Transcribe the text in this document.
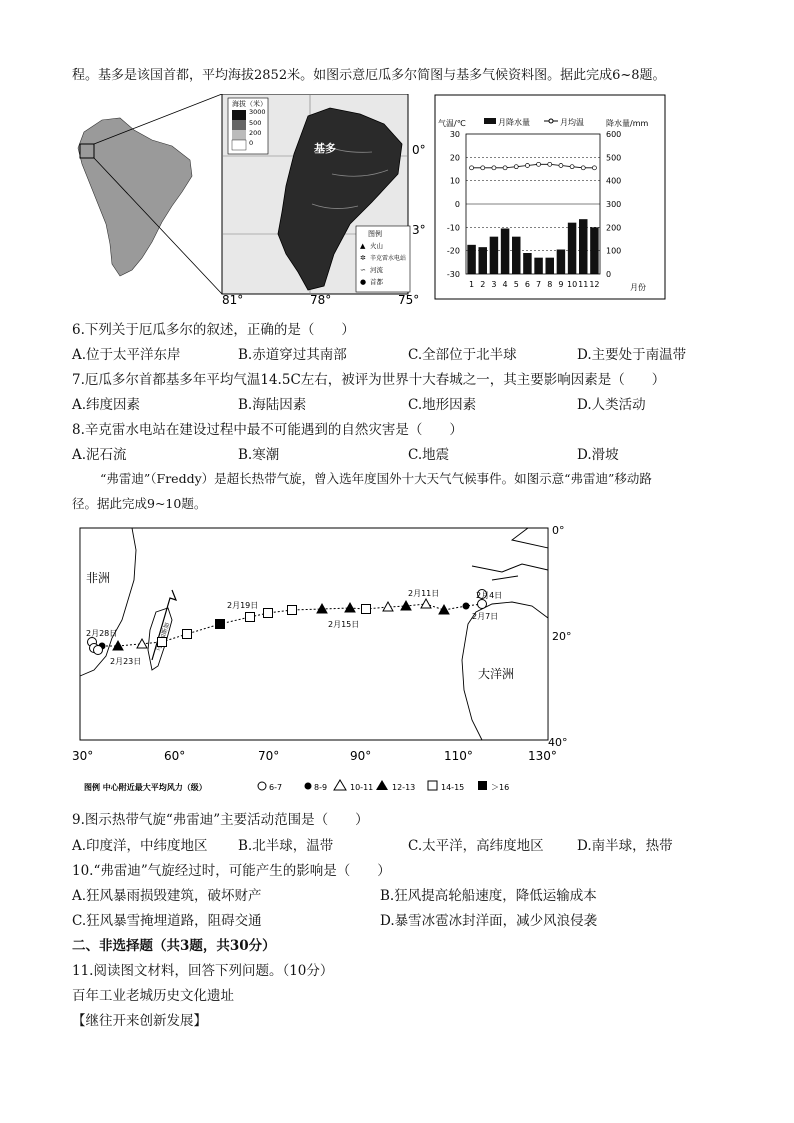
程。基多是该国首都，平均海拔2852米。如图示意厄瓜多尔简图与基多气候资料图。据此完成6~8题。
海拔（米）
3000
500
200
0	基多
图例
▲ 火山
✲ 辛克雷水电站
∽ 河流
● 首都
0°
3°
81°	78°	75°
气温/℃	降水量/mm
月降水量	月均温
30
20
10
0
-10
-20
-30
600
500
400
300
200
100
0
1 2 3 4 5 6 7 8 9 10 11 12	月份
6.下列关于厄瓜多尔的叙述，正确的是（　　）
A.位于太平洋东岸	B.赤道穿过其南部	C.全部位于北半球	D.主要处于南温带
7.厄瓜多尔首都基多年平均气温14.5C左右，被评为世界十大春城之一，其主要影响因素是（　　）
A.纬度因素	B.海陆因素	C.地形因素	D.人类活动
8.辛克雷水电站在建设过程中最不可能遇到的自然灾害是（　　）
A.泥石流	B.寒潮	C.地震	D.滑坡
“弗雷迪”（Freddy）是超长热带气旋，曾入选年度国外十大天气气候事件。如图示意“弗雷迪”移动路
径。据此完成9~10题。
非洲
大洋洲
2月4日
2月7日
2月11日
2月15日
2月19日
2月23日
2月28日
0°
20°
40°
30°	60°	70°	90°	110°	130°
图例 中心附近最大平均风力（级）	6-7	8-9	10-11 12-13	14-15	＞16
9.图示热带气旋“弗雷迪”主要活动范围是（　　）
A.印度洋，中纬度地区 B.北半球，温带	C.太平洋，高纬度地区 D.南半球，热带
10.“弗雷迪”气旋经过时，可能产生的影响是（　　）
A.狂风暴雨损毁建筑，破坏财产	B.狂风提高轮船速度，降低运输成本
C.狂风暴雪掩埋道路，阻碍交通	D.暴雪冰雹冰封洋面，减少风浪侵袭
二、非选择题（共3题，共30分）
11.阅读图文材料，回答下列问题。（10分）
百年工业老城历史文化遗址
【继往开来创新发展】
